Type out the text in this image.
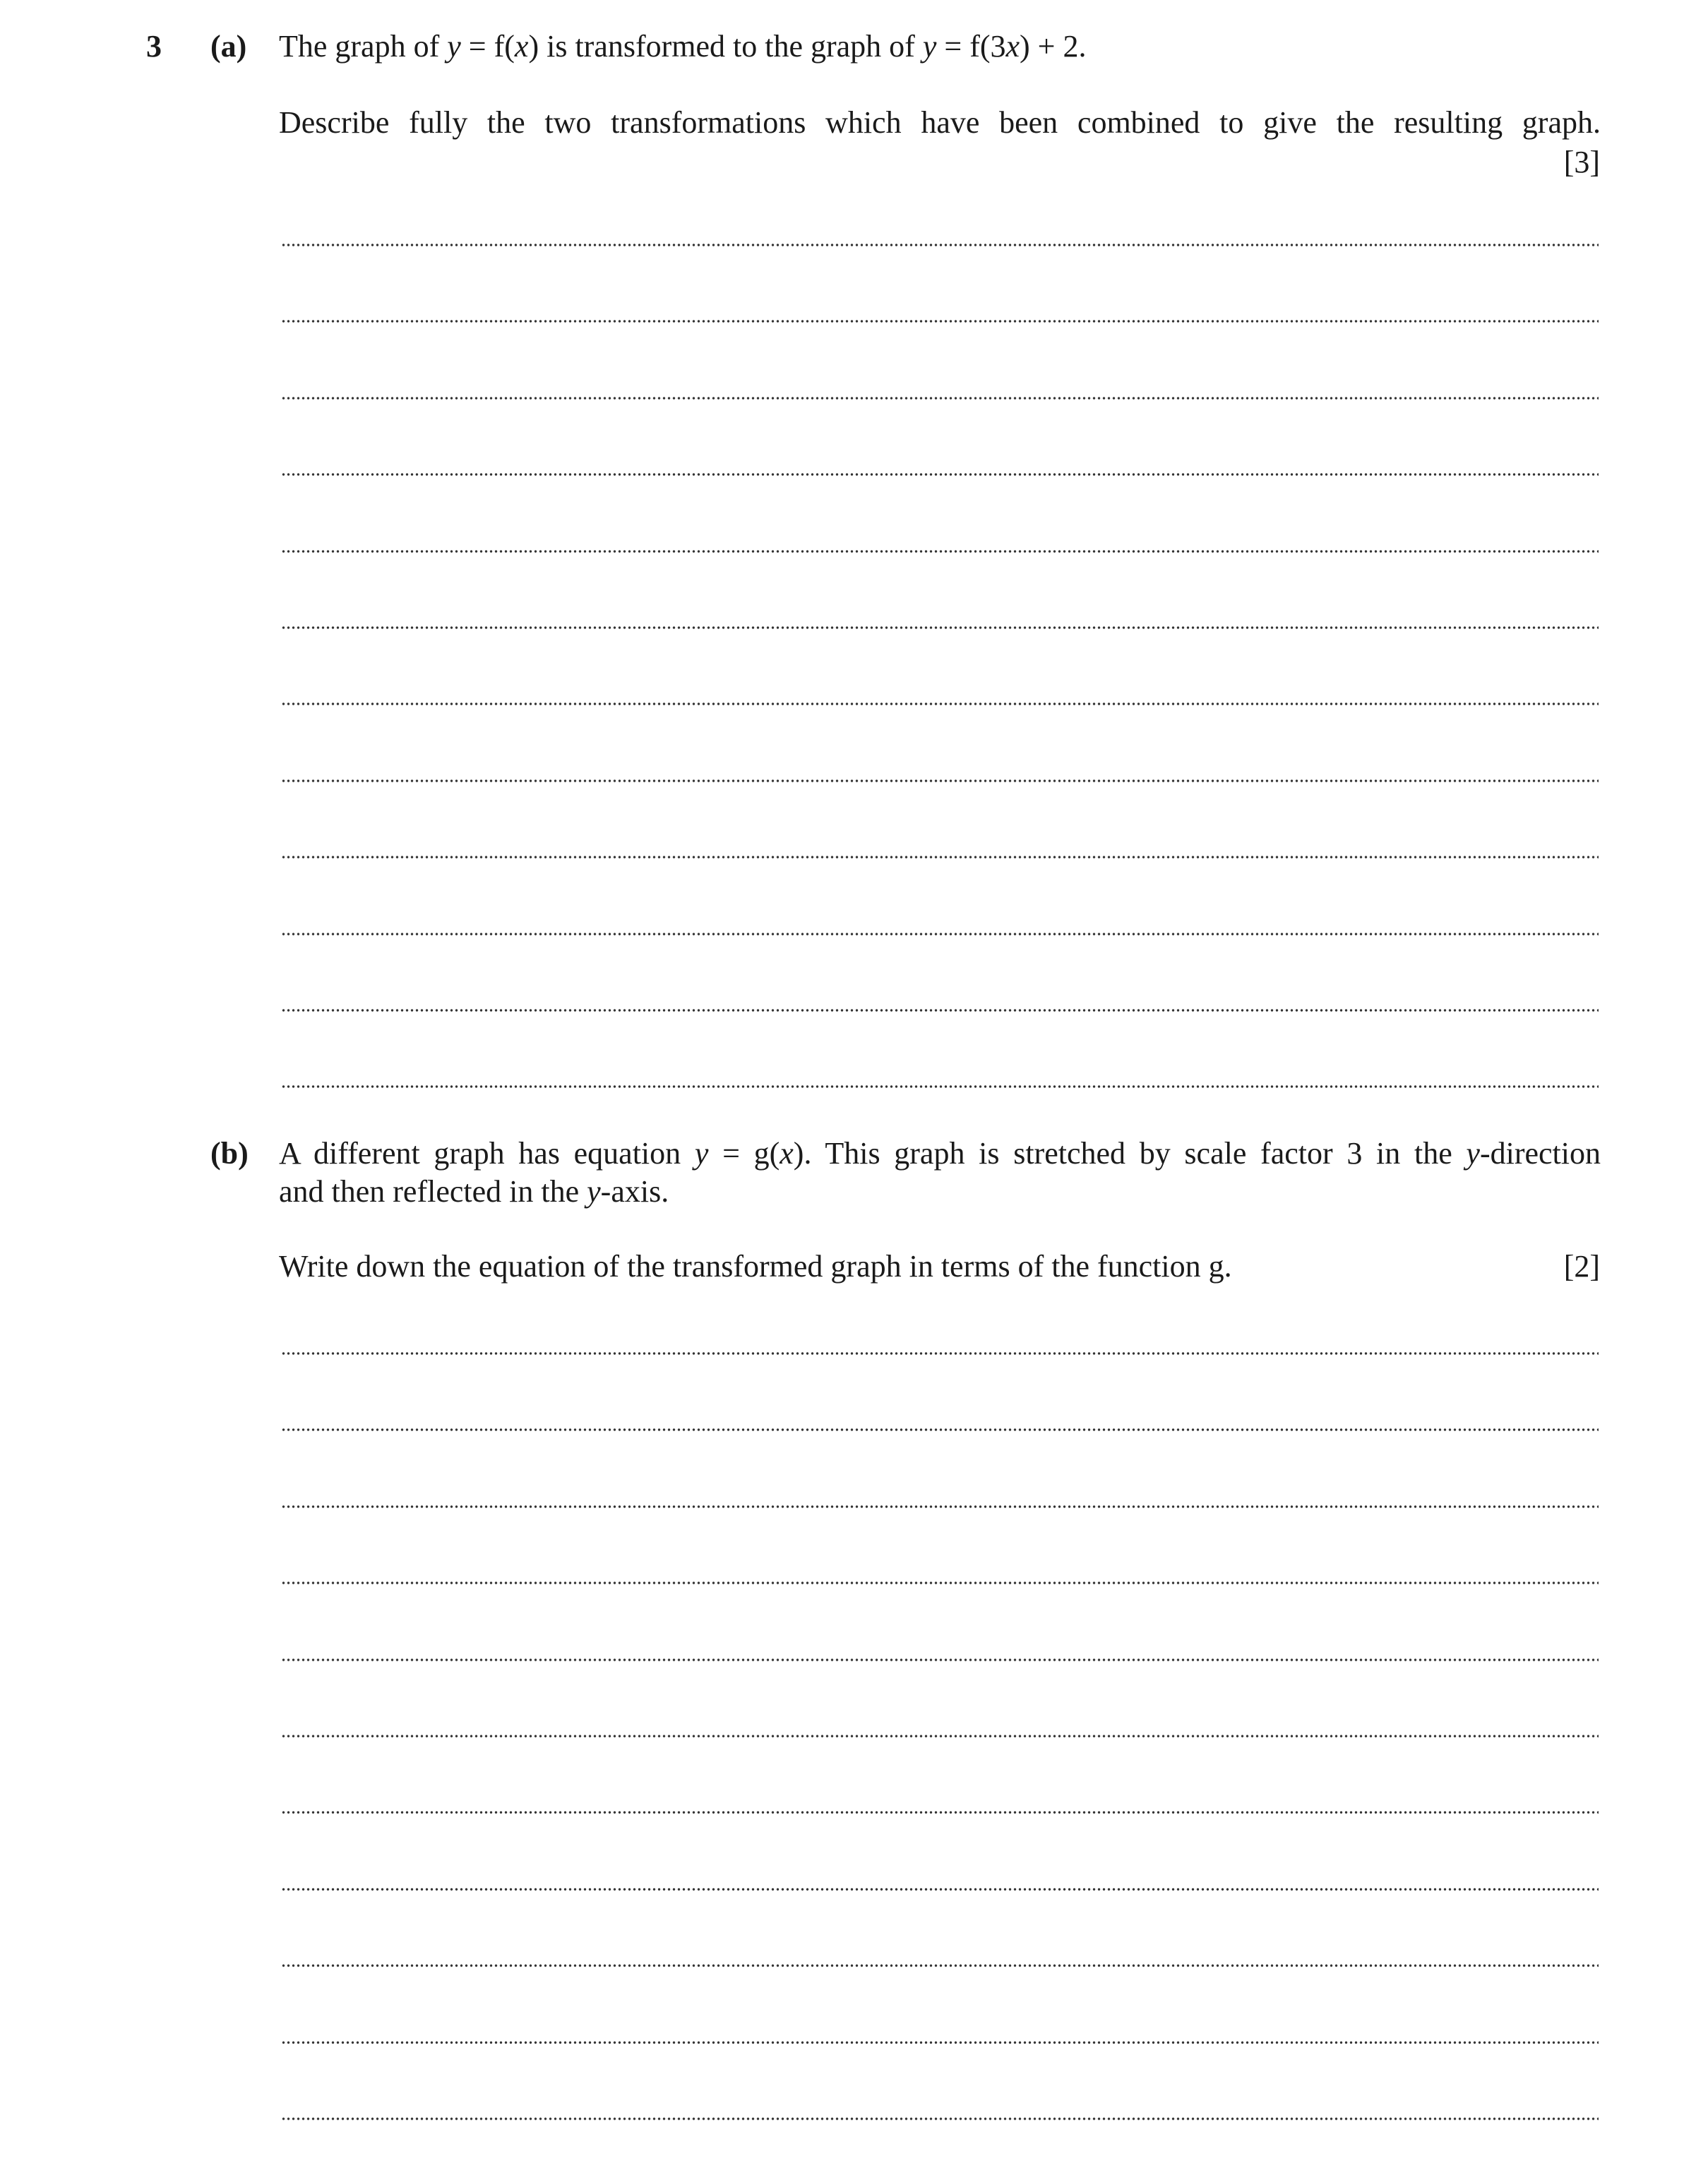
3 (a) The graph of y = f(x) is transformed to the graph of y = f(3x) + 2.
Describe fully the two transformations which have been combined to give the resulting graph.
[3]
(b) A different graph has equation y = g(x). This graph is stretched by scale factor 3 in the y-direction
and then reflected in the y-axis.
Write down the equation of the transformed graph in terms of the function g.	[2]
